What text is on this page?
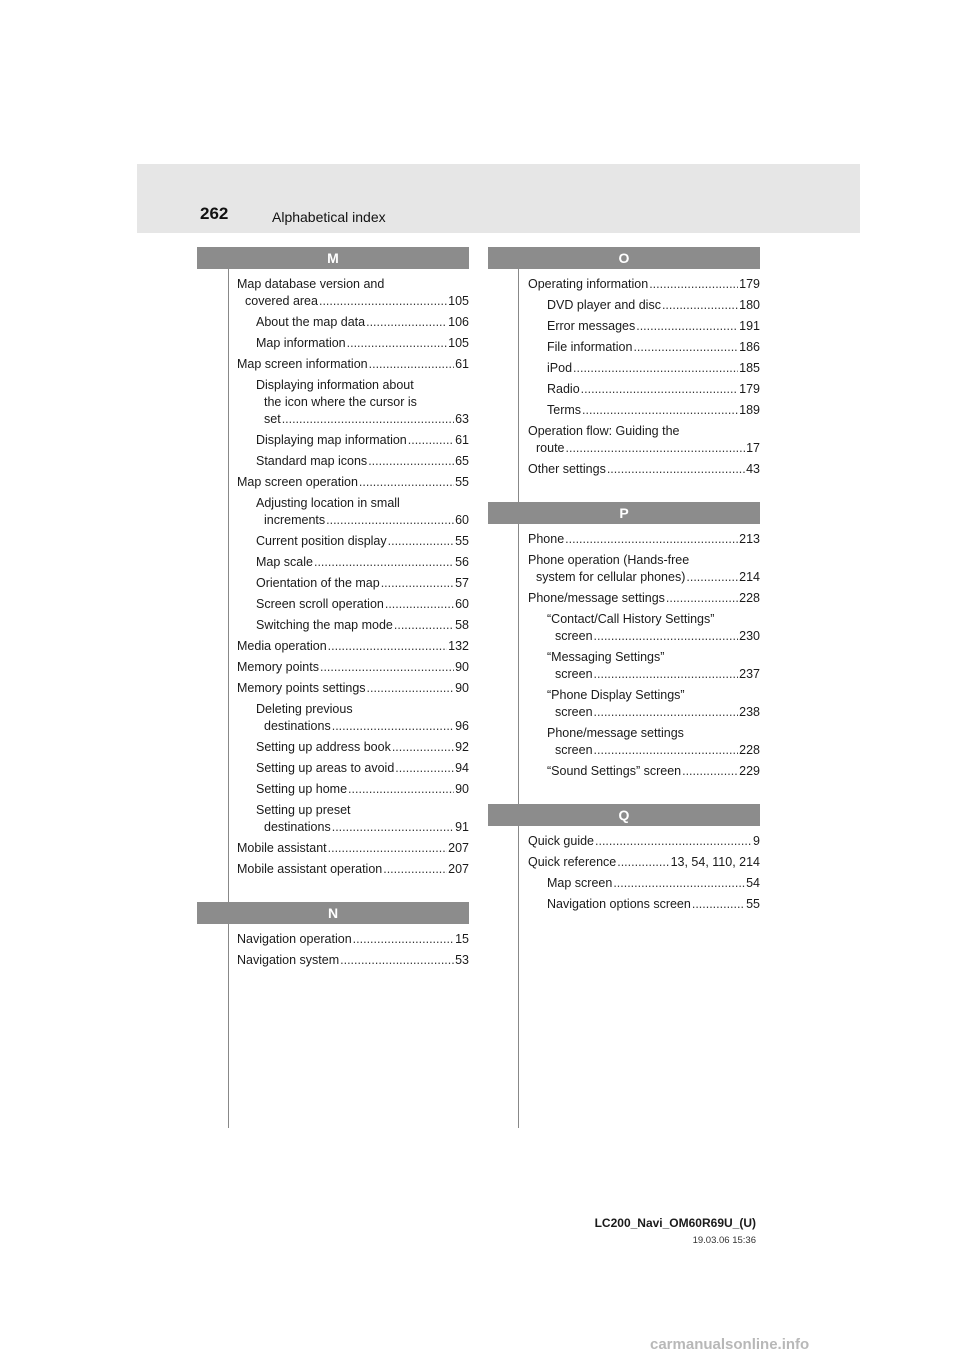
262	Alphabetical index
M
Map database version and
covered area .....	105
About the map data .....	106
Map information .....	105
Map screen information .....	61
Displaying information about
the icon where the cursor is
set .....	63
Displaying map information .....	61
Standard map icons .....	65
Map screen operation .....	55
Adjusting location in small
increments .....	60
Current position display .....	55
Map scale .....	56
Orientation of the map .....	57
Screen scroll operation .....	60
Switching the map mode .....	58
Media operation .....	132
Memory points .....	90
Memory points settings .....	90
Deleting previous
destinations .....	96
Setting up address book .....	92
Setting up areas to avoid .....	94
Setting up home .....	90
Setting up preset
destinations .....	91
Mobile assistant .....	207
Mobile assistant operation .....	207
N
Navigation operation .....	15
Navigation system .....	53
O
Operating information .....	179
DVD player and disc .....	180
Error messages .....	191
File information .....	186
iPod .....	185
Radio .....	179
Terms .....	189
Operation flow: Guiding the
route .....	17
Other settings .....	43
P
Phone .....	213
Phone operation (Hands-free
system for cellular phones) .....	214
Phone/message settings .....	228
“Contact/Call History Settings”
screen .....	230
“Messaging Settings”
screen .....	237
“Phone Display Settings”
screen .....	238
Phone/message settings
screen .....	228
“Sound Settings” screen .....	229
Q
Quick guide .....	9
Quick reference .....	13, 54, 110, 214
Map screen .....	54
Navigation options screen .....	55
LC200_Navi_OM60R69U_(U)
19.03.06 15:36
carmanualsonline.info
